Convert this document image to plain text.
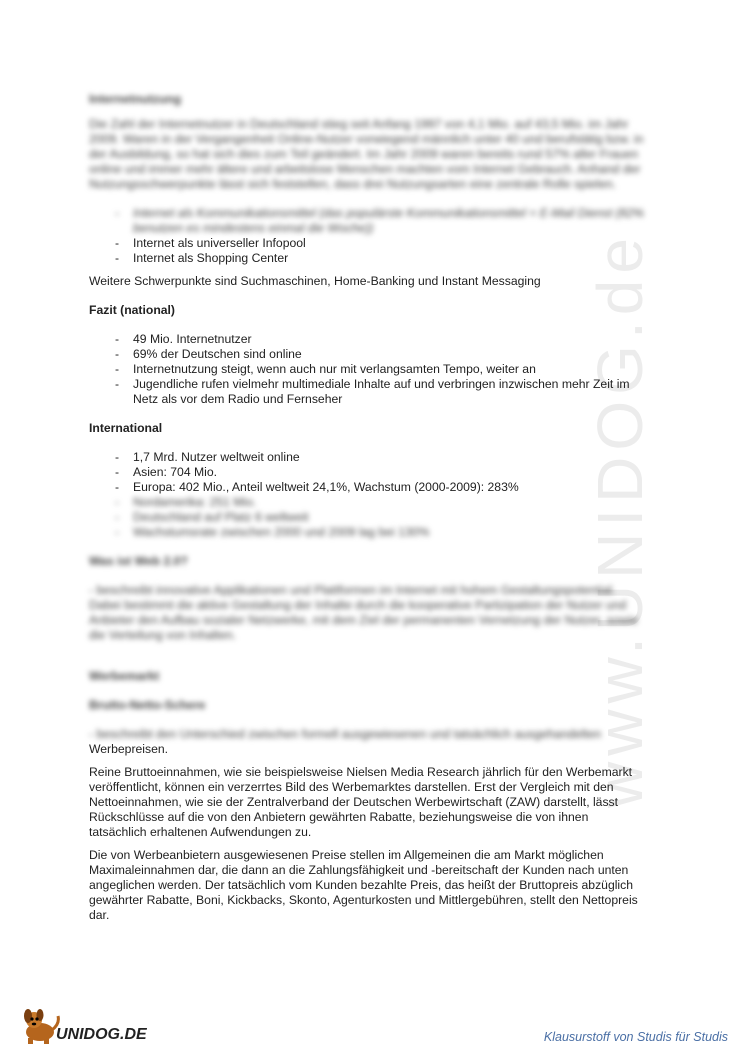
www.UNIDOG.de

Internetnutzung

Die Zahl der Internetnutzer in Deutschland stieg seit Anfang 1997 von 4,1 Mio. auf 43,5 Mio. im Jahr 2009. Waren in der Vergangenheit Online-Nutzer vorwiegend männlich unter 40 und berufstätig bzw. in der Ausbildung, so hat sich dies zum Teil geändert. Im Jahr 2009 waren bereits rund 57% aller Frauen online und immer mehr ältere und arbeitslose Menschen machten vom Internet Gebrauch. Anhand der Nutzungsschwerpunkte lässt sich feststellen, dass drei Nutzungsarten eine zentrale Rolle spielen.

- Internet als Kommunikationsmittel (das populärste Kommunikationsmittel = E-Mail Dienst (82% benutzen es mindestens einmal die Woche))
- Internet als universeller Infopool
- Internet als Shopping Center

Weitere Schwerpunkte sind Suchmaschinen, Home-Banking und Instant Messaging

Fazit (national)

- 49 Mio. Internetnutzer
- 69% der Deutschen sind online
- Internetnutzung steigt, wenn auch nur mit verlangsamten Tempo, weiter an
- Jugendliche rufen vielmehr multimediale Inhalte auf und verbringen inzwischen mehr Zeit im Netz als vor dem Radio und Fernseher

International

- 1,7 Mrd. Nutzer weltweit online
- Asien: 704 Mio.
- Europa: 402 Mio., Anteil weltweit 24,1%, Wachstum (2000-2009): 283%
- Nordamerika: 251 Mio.
- Deutschland auf Platz 6 weltweit
- Wachstumsrate zwischen 2000 und 2009 lag bei 130%

Was ist Web 2.0?

- beschreibt innovative Applikationen und Plattformen im Internet mit hohem Gestaltungspotential. Dabei bestimmt die aktive Gestaltung der Inhalte durch die kooperative Partizipation der Nutzer und Anbieter den Aufbau sozialer Netzwerke, mit dem Ziel der permanenten Vernetzung der Nutzer, sowie die Verteilung von Inhalten.

Werbemarkt

Brutto-Netto-Schere

- beschreibt den Unterschied zwischen formell ausgewiesenen und tatsächlich ausgehandelten

Werbepreisen.

Reine Bruttoeinnahmen, wie sie beispielsweise Nielsen Media Research jährlich für den Werbemarkt veröffentlicht, können ein verzerrtes Bild des Werbemarktes darstellen. Erst der Vergleich mit den Nettoeinnahmen, wie sie der Zentralverband der Deutschen Werbewirtschaft (ZAW) darstellt, lässt Rückschlüsse auf die von den Anbietern gewährten Rabatte, beziehungsweise die von ihnen tatsächlich erhaltenen Aufwendungen zu.

Die von Werbeanbietern ausgewiesenen Preise stellen im Allgemeinen die am Markt möglichen Maximaleinnahmen dar, die dann an die Zahlungsfähigkeit und -bereitschaft der Kunden nach unten angeglichen werden. Der tatsächlich vom Kunden bezahlte Preis, das heißt der Bruttopreis abzüglich gewährter Rabatte, Boni, Kickbacks, Skonto, Agenturkosten und Mittlergebühren, stellt den Nettopreis dar.

UNIDOG.DE	Klausurstoff von Studis für Studis
